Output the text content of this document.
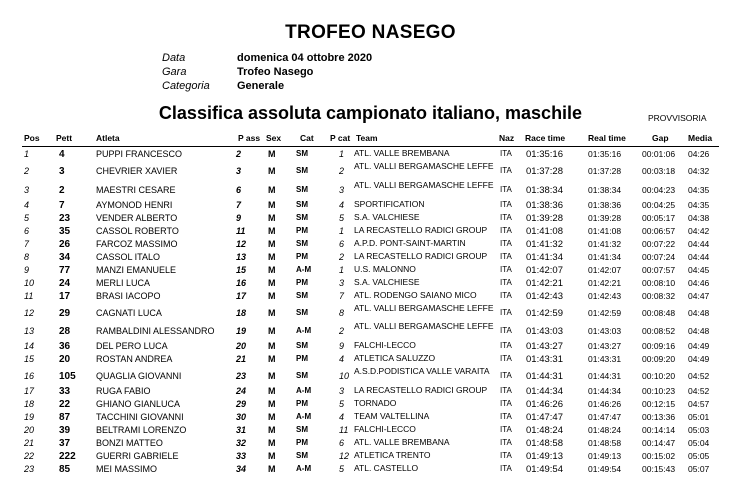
TROFEO NASEGO
Data	domenica 04 ottobre 2020
Gara	Trofeo Nasego
Categoria Generale
Classifica assoluta campionato italiano, maschile	PROVVISORIA
Pos Pett	Atleta	P ass Sex Cat P cat Team	Naz Race time	Real time	Gap Media
1	4	PUPPI FRANCESCO	2	M	SM	1 ATL. VALLE BREMBANA	ITA 01:35:16	01:35:16 00:01:06 04:26
2	3	CHEVRIER XAVIER	3	M	SM	2 ATL. VALLI BERGAMASCHE LEFFE ITA 01:37:28	01:37:28 00:03:18 04:32
3	2	MAESTRI CESARE	6	M	SM	3 ATL. VALLI BERGAMASCHE LEFFE ITA 01:38:34	01:38:34 00:04:23 04:35
4	7	AYMONOD HENRI	7	M	SM	4 SPORTIFICATION	ITA 01:38:36	01:38:36 00:04:25 04:35
5	23	VENDER ALBERTO	9	M	SM	5 S.A. VALCHIESE	ITA 01:39:28	01:39:28 00:05:17 04:38
6	35	CASSOL ROBERTO	11	M	PM	1 LA RECASTELLO RADICI GROUP	ITA 01:41:08	01:41:08 00:06:57 04:42
7	26	FARCOZ MASSIMO	12 M	SM	6 A.P.D. PONT-SAINT-MARTIN	ITA 01:41:32	01:41:32 00:07:22 04:44
8	34	CASSOL ITALO	13 M	PM	2 LA RECASTELLO RADICI GROUP	ITA 01:41:34	01:41:34 00:07:24 04:44
9	77	MANZI EMANUELE	15 M	A-M	1 U.S. MALONNO	ITA 01:42:07	01:42:07 00:07:57 04:45
10 24	MERLI LUCA	16 M	PM	3 S.A. VALCHIESE	ITA 01:42:21	01:42:21 00:08:10 04:46
11	17	BRASI IACOPO	17 M	SM	7 ATL. RODENGO SAIANO MICO	ITA 01:42:43	01:42:43 00:08:32 04:47
12 29	CAGNATI LUCA	18 M	SM	8 ATL. VALLI BERGAMASCHE LEFFE ITA 01:42:59	01:42:59 00:08:48 04:48
13 28	RAMBALDINI ALESSANDRO 19 M	A-M	2 ATL. VALLI BERGAMASCHE LEFFE ITA 01:43:03	01:43:03 00:08:52 04:48
14 36	DEL PERO LUCA	20 M	SM	9 FALCHI-LECCO	ITA 01:43:27	01:43:27 00:09:16 04:49
15 20	ROSTAN ANDREA	21 M	PM	4 ATLETICA SALUZZO	ITA 01:43:31	01:43:31 00:09:20 04:49
16 105 QUAGLIA GIOVANNI	23 M	SM	10 A.S.D.PODISTICA VALLE VARAITA	ITA 01:44:31	01:44:31 00:10:20 04:52
17 33	RUGA FABIO	24 M	A-M	3 LA RECASTELLO RADICI GROUP	ITA 01:44:34	01:44:34 00:10:23 04:52
18 22	GHIANO GIANLUCA	29 M	PM	5 TORNADO	ITA 01:46:26	01:46:26 00:12:15 04:57
19 87	TACCHINI GIOVANNI	30 M	A-M	4 TEAM VALTELLINA	ITA 01:47:47	01:47:47 00:13:36 05:01
20 39	BELTRAMI LORENZO	31 M	SM	11 FALCHI-LECCO	ITA 01:48:24	01:48:24 00:14:14 05:03
21 37	BONZI MATTEO	32 M	PM	6 ATL. VALLE BREMBANA	ITA 01:48:58	01:48:58 00:14:47 05:04
22 222 GUERRI GABRIELE	33 M	SM	12 ATLETICA TRENTO	ITA 01:49:13	01:49:13 00:15:02 05:05
23 85	MEI MASSIMO	34 M	A-M	5 ATL. CASTELLO	ITA 01:49:54	01:49:54 00:15:43 05:07
